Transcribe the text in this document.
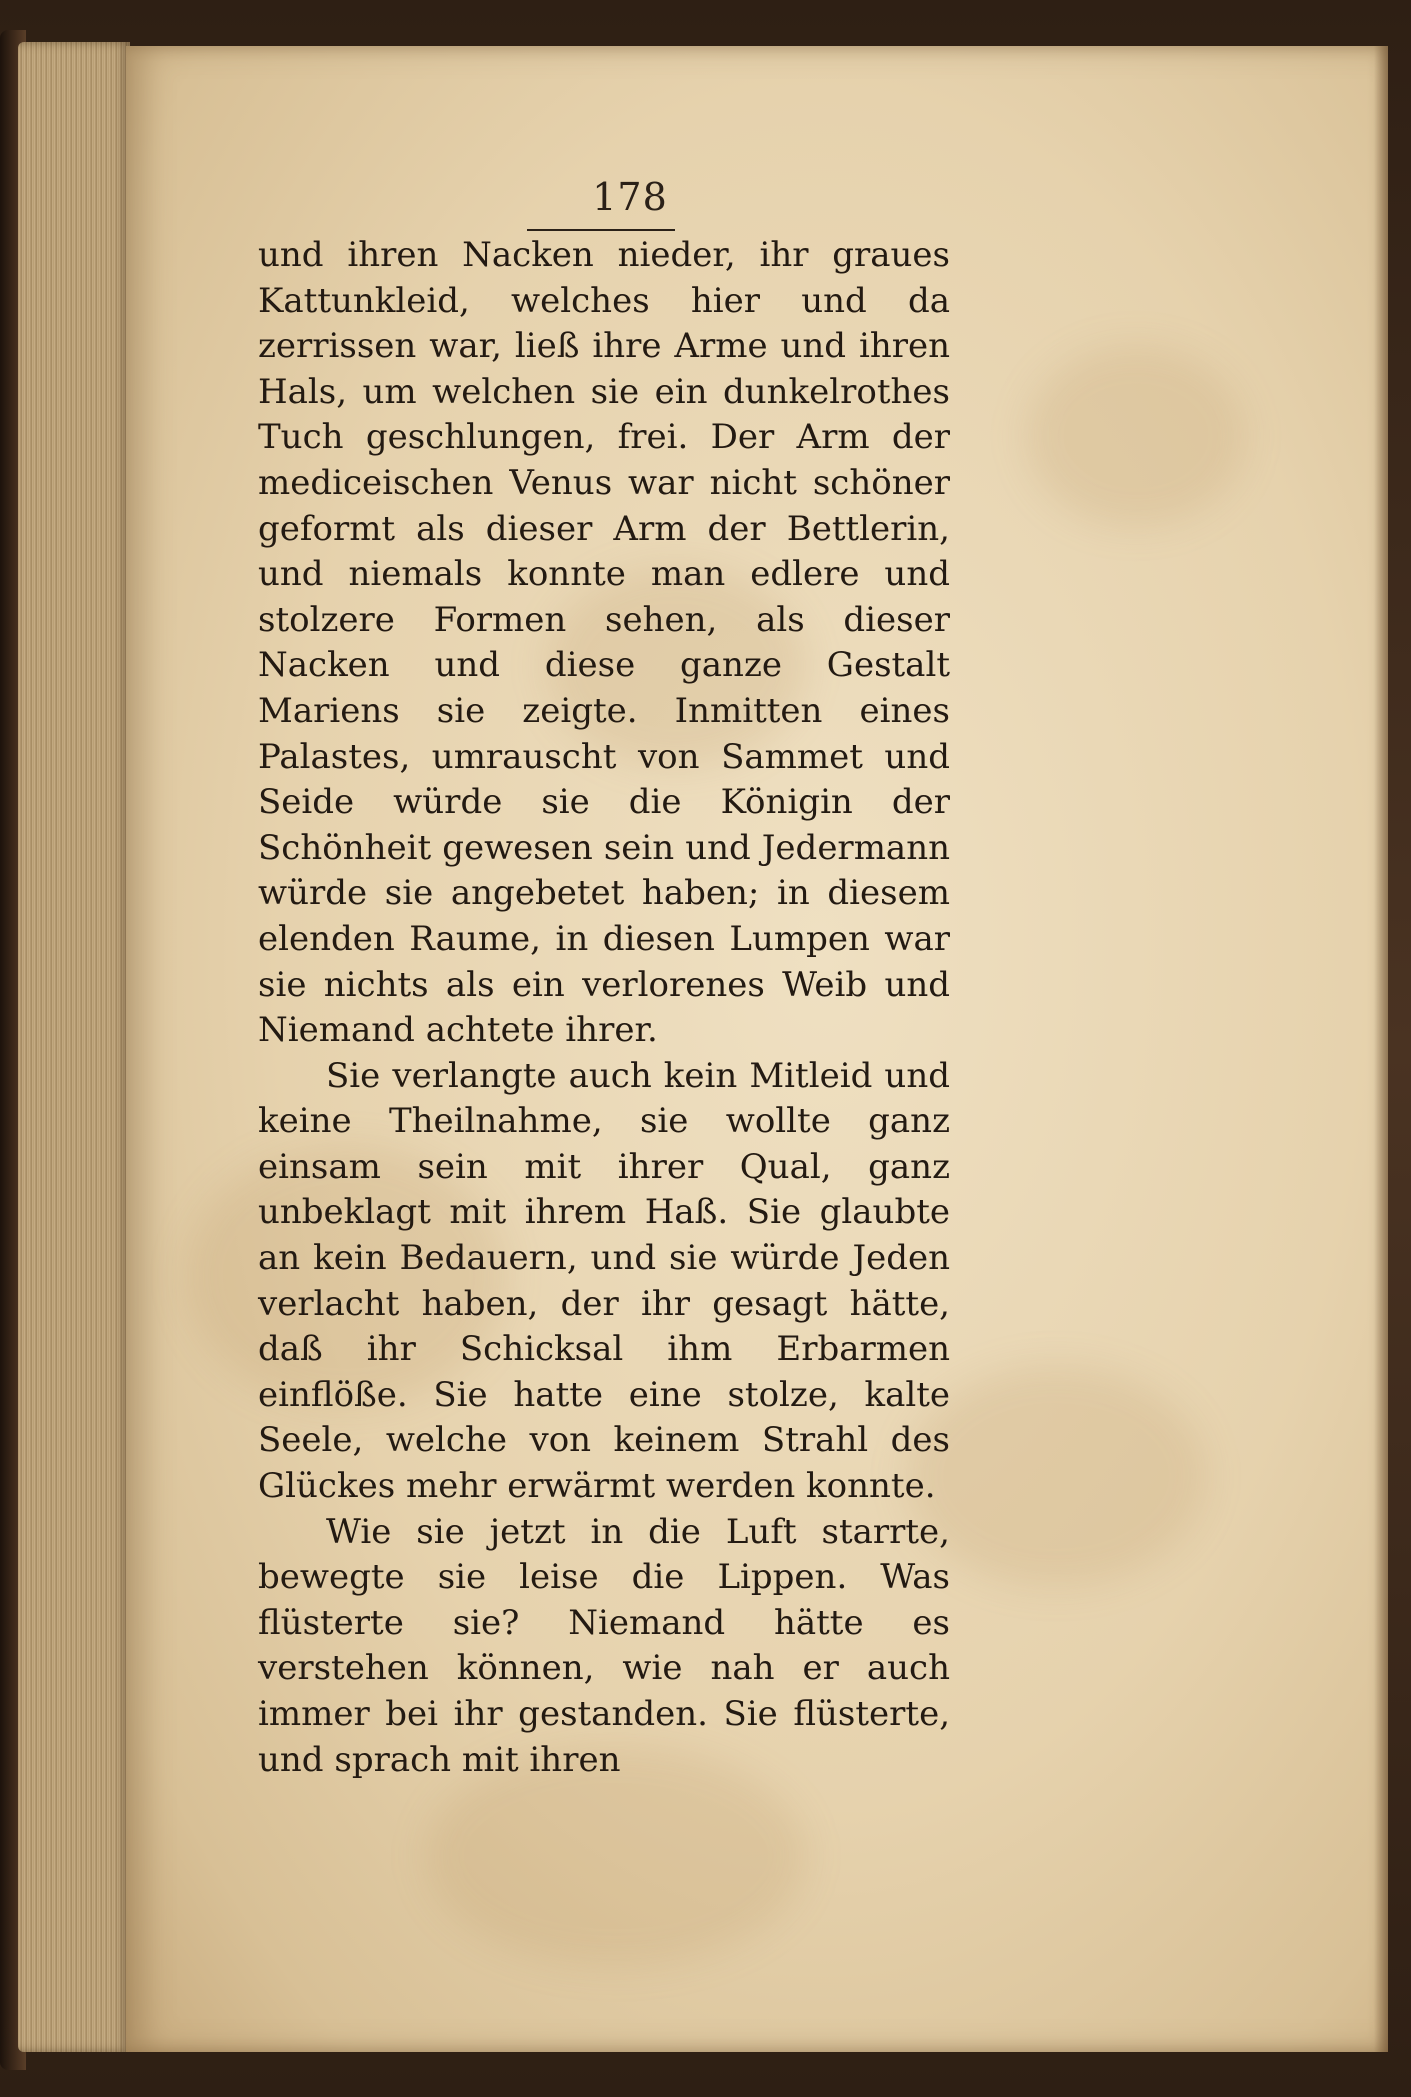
178

und ihren Nacken nieder, ihr graues Kattunkleid, welches hier und da zerrissen war, ließ ihre Arme und ihren Hals, um welchen sie ein dunkelrothes Tuch geschlungen, frei. Der Arm der mediceischen Venus war nicht schöner geformt als dieser Arm der Bettlerin, und niemals konnte man edlere und stolzere Formen sehen, als dieser Nacken und diese ganze Gestalt Mariens sie zeigte. Inmitten eines Palastes, umrauscht von Sammet und Seide würde sie die Königin der Schönheit gewesen sein und Jedermann würde sie angebetet haben; in diesem elenden Raume, in diesen Lumpen war sie nichts als ein verlorenes Weib und Niemand achtete ihrer.

Sie verlangte auch kein Mitleid und keine Theilnahme, sie wollte ganz einsam sein mit ihrer Qual, ganz unbeklagt mit ihrem Haß. Sie glaubte an kein Bedauern, und sie würde Jeden verlacht haben, der ihr gesagt hätte, daß ihr Schicksal ihm Erbarmen einflöße. Sie hatte eine stolze, kalte Seele, welche von keinem Strahl des Glückes mehr erwärmt werden konnte.

Wie sie jetzt in die Luft starrte, bewegte sie leise die Lippen. Was flüsterte sie? Niemand hätte es verstehen können, wie nah er auch immer bei ihr gestanden. Sie flüsterte, und sprach mit ihren
